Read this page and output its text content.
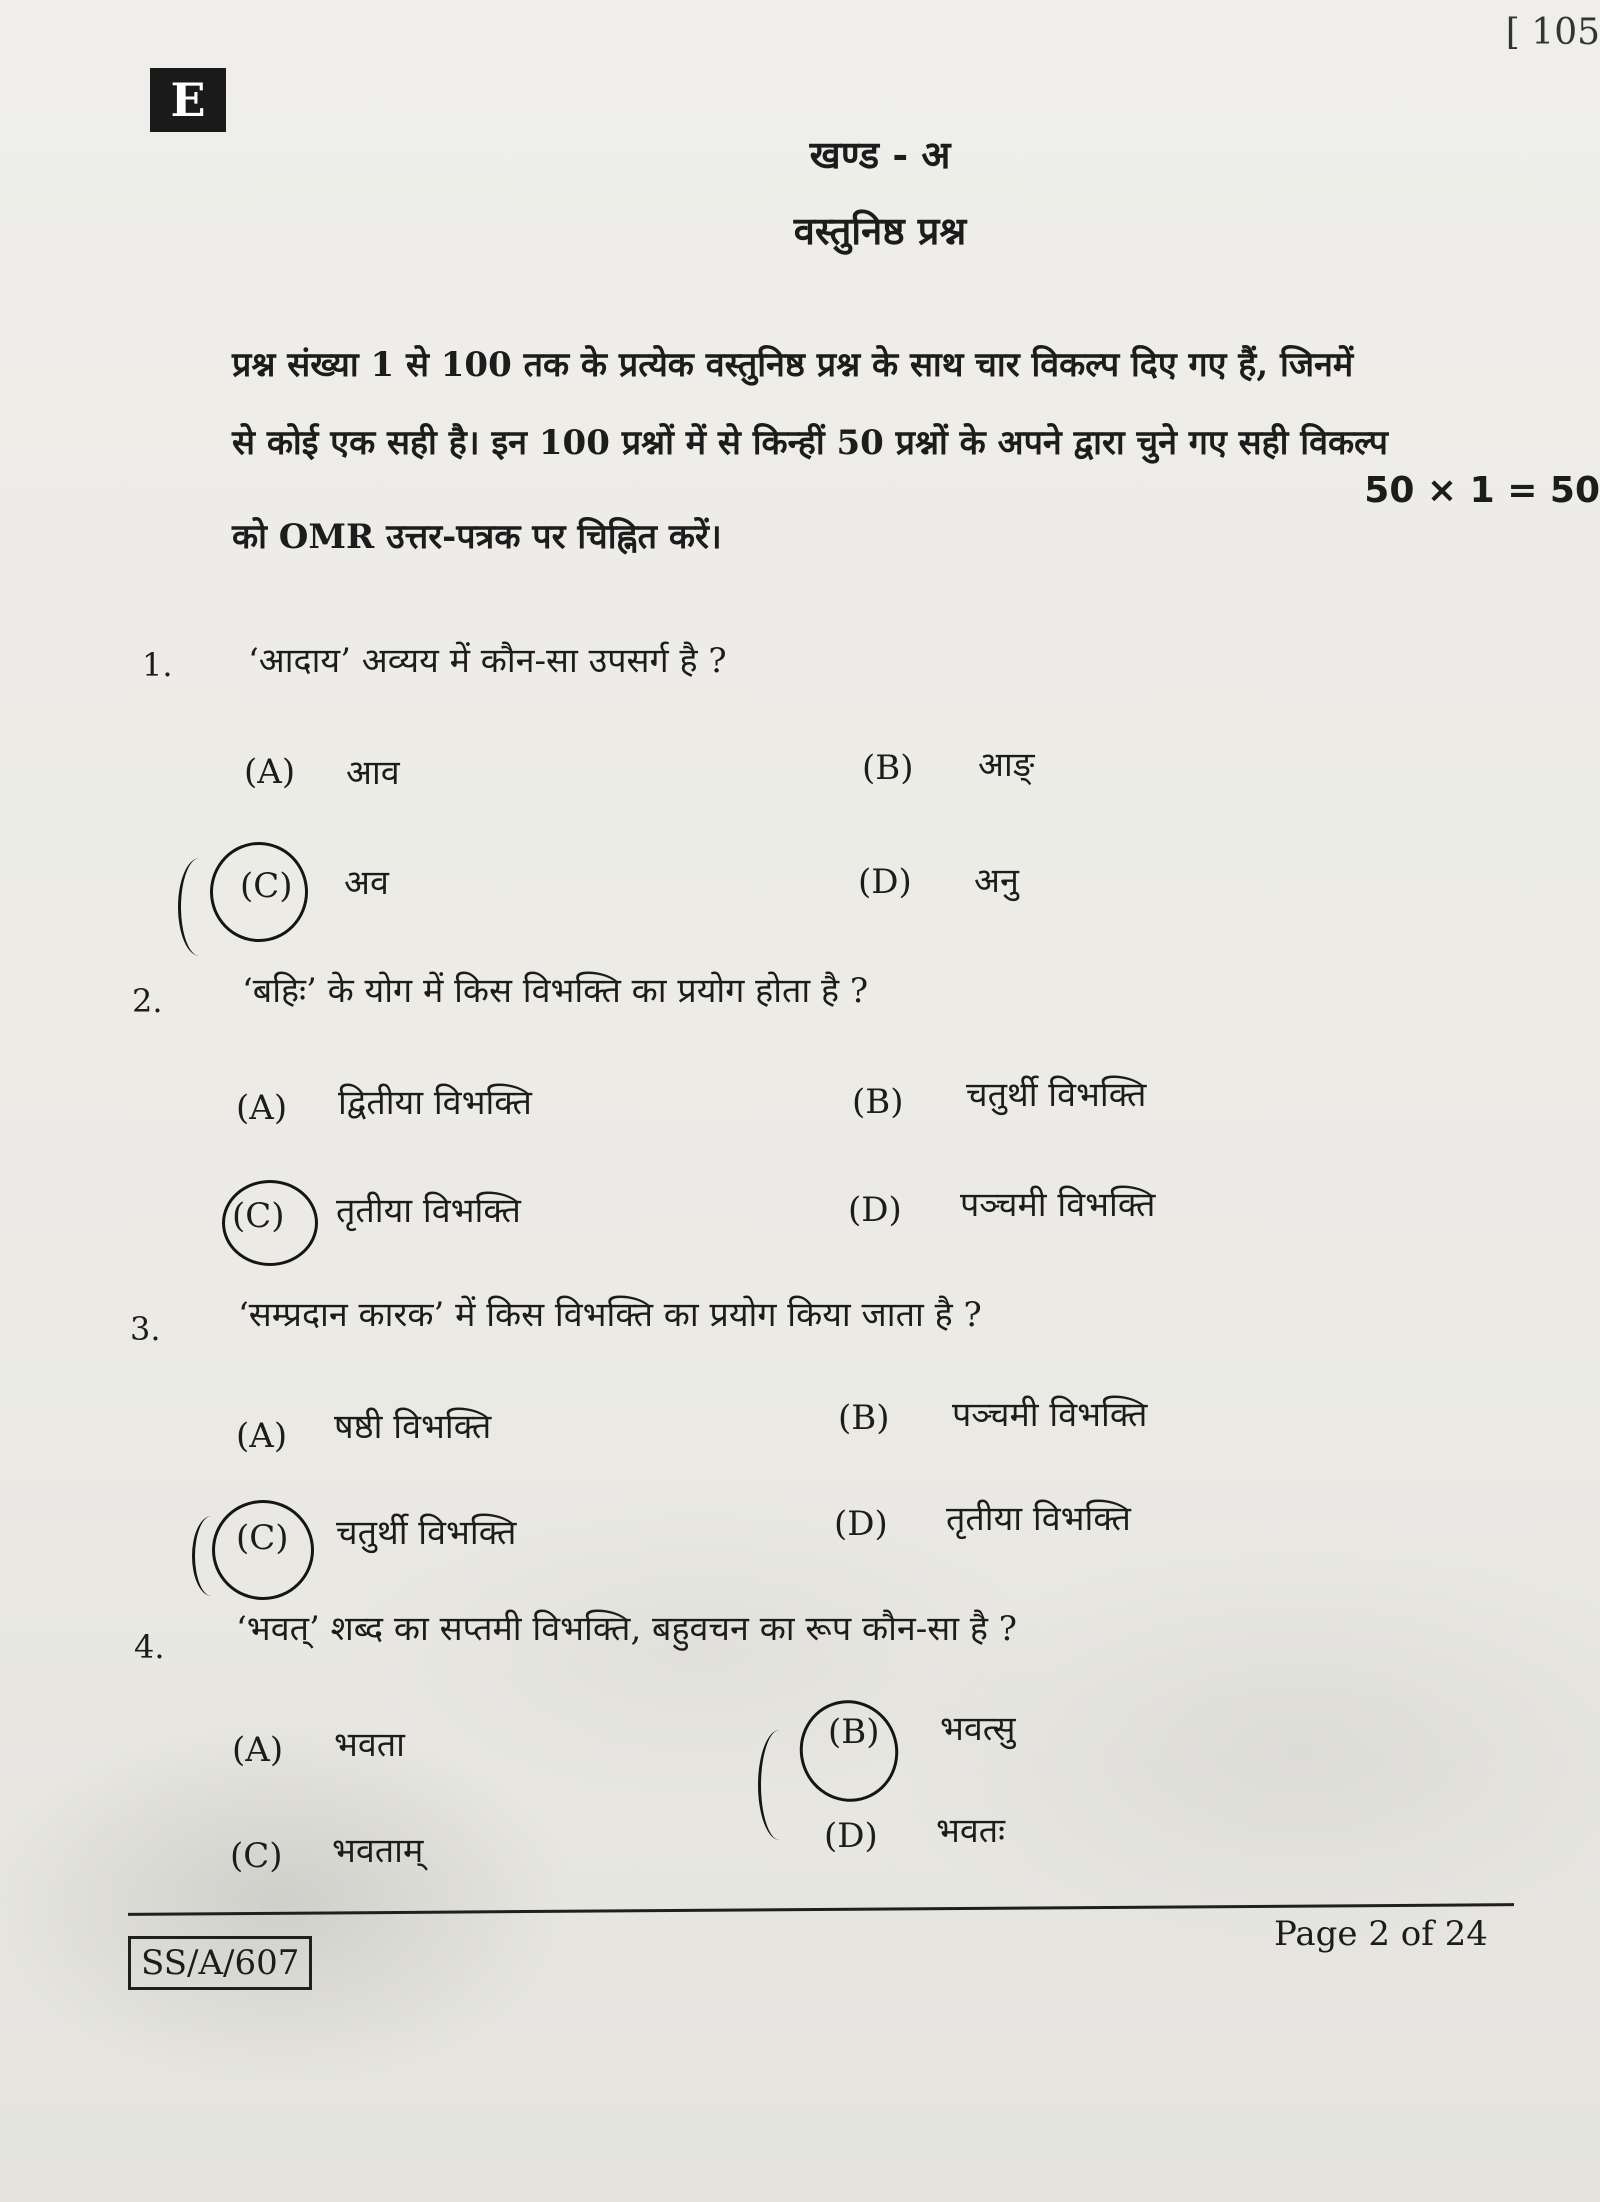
[ 105
E
खण्ड - अ
वस्तुनिष्ठ प्रश्न
प्रश्न संख्या 1 से 100 तक के प्रत्येक वस्तुनिष्ठ प्रश्न के साथ चार विकल्प दिए गए हैं, जिनमें
से कोई एक सही है। इन 100 प्रश्नों में से किन्हीं 50 प्रश्नों के अपने द्वारा चुने गए सही विकल्प
50 × 1 = 50
को OMR उत्तर-पत्रक पर चिह्नित करें।
1. ‘आदाय’ अव्यय में कौन-सा उपसर्ग है ?
(A) आव	(B) आङ्
(C) अव	(D) अनु
2. ‘बहिः’ के योग में किस विभक्ति का प्रयोग होता है ?
(A) द्वितीया विभक्ति	(B) चतुर्थी विभक्ति
(C) तृतीया विभक्ति	(D) पञ्चमी विभक्ति
3. ‘सम्प्रदान कारक’ में किस विभक्ति का प्रयोग किया जाता है ?
(A) षष्ठी विभक्ति	(B) पञ्चमी विभक्ति
(C) चतुर्थी विभक्ति	(D) तृतीया विभक्ति
4. ‘भवत्’ शब्द का सप्तमी विभक्ति, बहुवचन का रूप कौन-सा है ?
(A) भवता	(B) भवत्सु
(C) भवताम्	(D) भवतः
SS/A/607
Page 2 of 24
